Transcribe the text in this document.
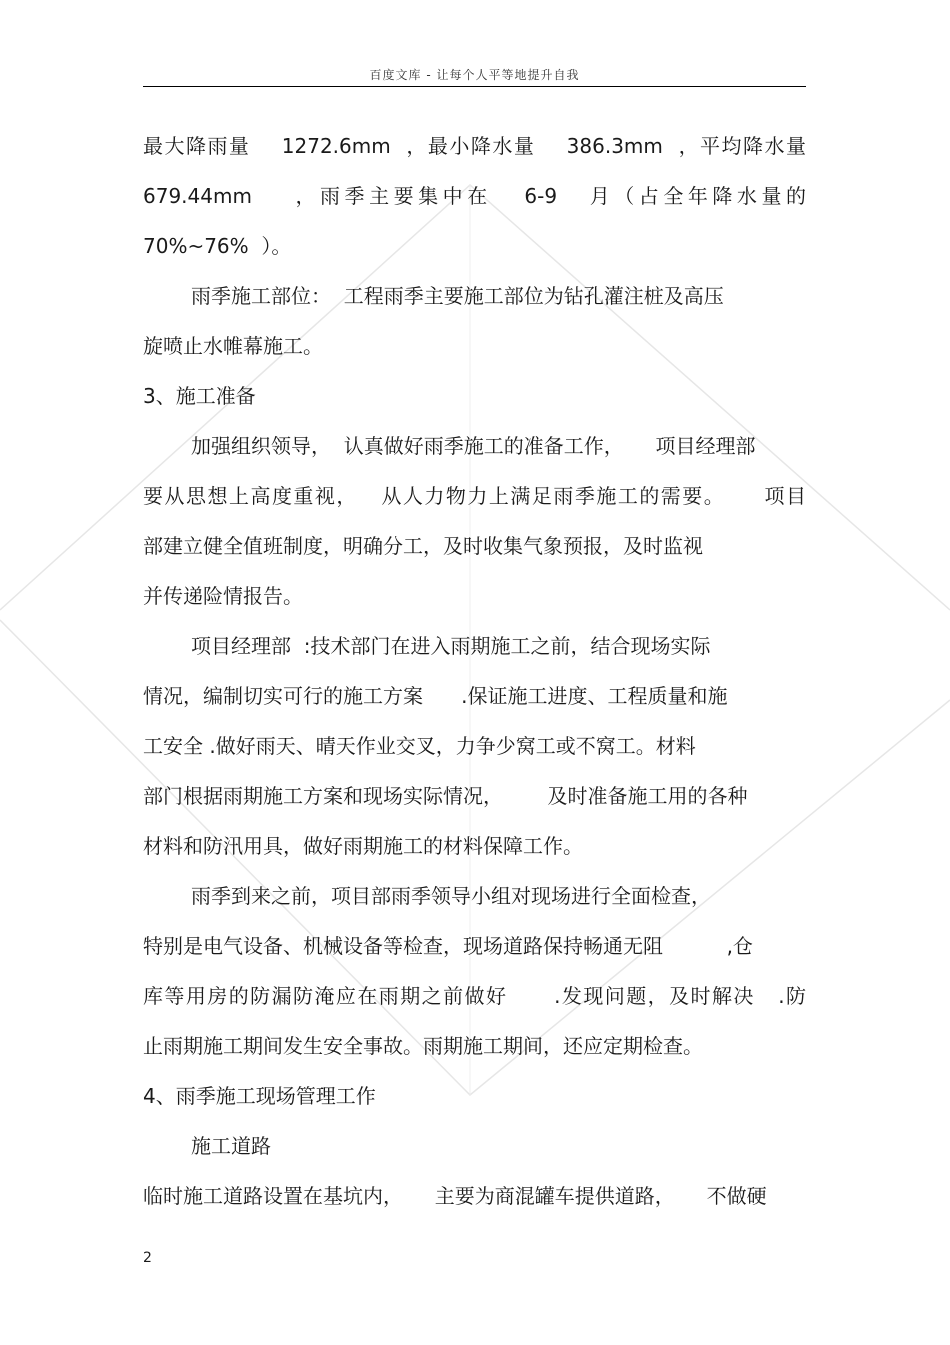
百度文库 - 让每个人平等地提升自我
最大降雨量    1272.6mm  ，最小降水量    386.3mm  ，平均降水量
679.44mm    ，雨季主要集中在   6-9   月（占全年降水量的
70%~76%  ）。
雨季施工部位：  工程雨季主要施工部位为钻孔灌注桩及高压
旋喷止水帷幕施工。
3、施工准备
加强组织领导，  认真做好雨季施工的准备工作，     项目经理部
要从思想上高度重视，   从人力物力上满足雨季施工的需要。     项目
部建立健全值班制度，明确分工，及时收集气象预报，及时监视
并传递险情报告。
项目经理部  :技术部门在进入雨期施工之前，结合现场实际
情况，编制切实可行的施工方案      .保证施工进度、工程质量和施
工安全 .做好雨天、晴天作业交叉，力争少窝工或不窝工。材料
部门根据雨期施工方案和现场实际情况，       及时准备施工用的各种
材料和防汛用具，做好雨期施工的材料保障工作。
雨季到来之前，项目部雨季领导小组对现场进行全面检查，
特别是电气设备、机械设备等检查，现场道路保持畅通无阻          ,仓
库等用房的防漏防淹应在雨期之前做好      .发现问题，及时解决   .防
止雨期施工期间发生安全事故。雨期施工期间，还应定期检查。
4、雨季施工现场管理工作
施工道路
临时施工道路设置在基坑内，     主要为商混罐车提供道路，     不做硬
2
